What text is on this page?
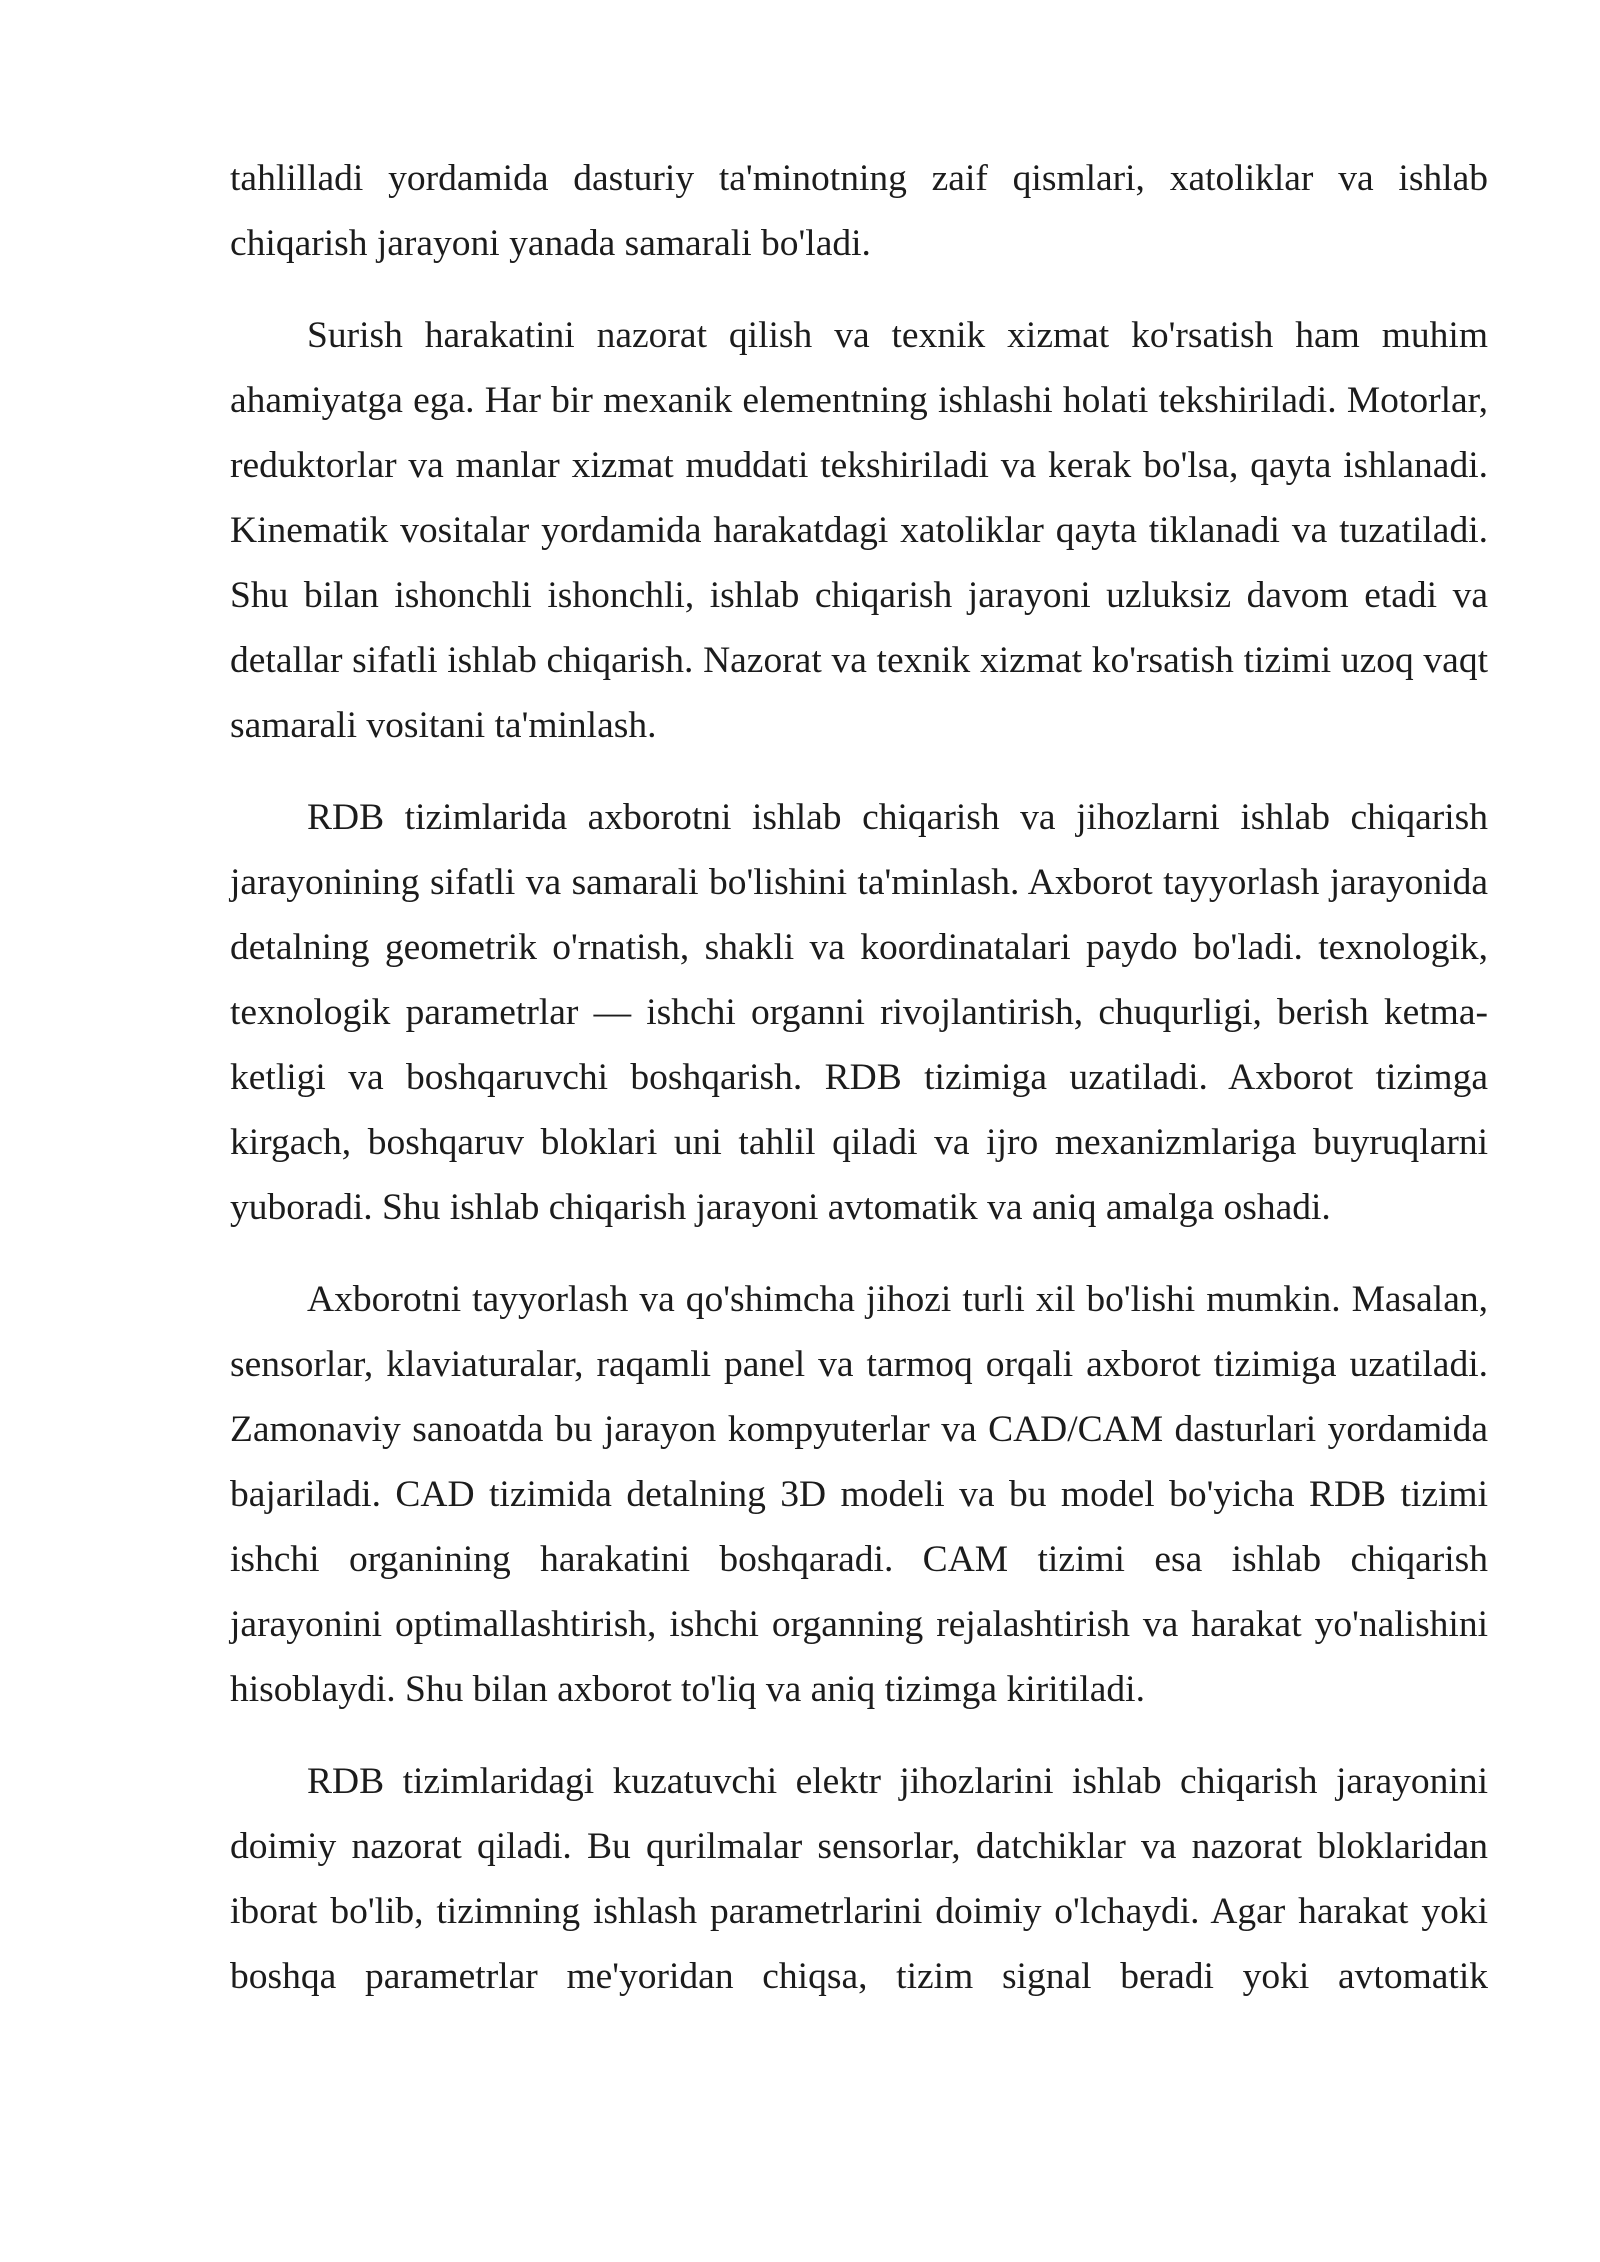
tahlilladi yordamida dasturiy ta'minotning zaif qismlari, xatoliklar va ishlab chiqarish jarayoni yanada samarali bo'ladi.

Surish harakatini nazorat qilish va texnik xizmat ko'rsatish ham muhim ahamiyatga ega. Har bir mexanik elementning ishlashi holati tekshiriladi. Motorlar, reduktorlar va manlar xizmat muddati tekshiriladi va kerak bo'lsa, qayta ishlanadi. Kinematik vositalar yordamida harakatdagi xatoliklar qayta tiklanadi va tuzatiladi. Shu bilan ishonchli ishonchli, ishlab chiqarish jarayoni uzluksiz davom etadi va detallar sifatli ishlab chiqarish. Nazorat va texnik xizmat ko'rsatish tizimi uzoq vaqt samarali vositani ta'minlash.

RDB tizimlarida axborotni ishlab chiqarish va jihozlarni ishlab chiqarish jarayonining sifatli va samarali bo'lishini ta'minlash. Axborot tayyorlash jarayonida detalning geometrik o'rnatish, shakli va koordinatalari paydo bo'ladi. texnologik, texnologik parametrlar — ishchi organni rivojlantirish, chuqurligi, berish ketma-ketligi va boshqaruvchi boshqarish. RDB tizimiga uzatiladi. Axborot tizimga kirgach, boshqaruv bloklari uni tahlil qiladi va ijro mexanizmlariga buyruqlarni yuboradi. Shu ishlab chiqarish jarayoni avtomatik va aniq amalga oshadi.

Axborotni tayyorlash va qo'shimcha jihozi turli xil bo'lishi mumkin. Masalan, sensorlar, klaviaturalar, raqamli panel va tarmoq orqali axborot tizimiga uzatiladi. Zamonaviy sanoatda bu jarayon kompyuterlar va CAD/CAM dasturlari yordamida bajariladi. CAD tizimida detalning 3D modeli va bu model bo'yicha RDB tizimi ishchi organining harakatini boshqaradi. CAM tizimi esa ishlab chiqarish jarayonini optimallashtirish, ishchi organning rejalashtirish va harakat yo'nalishini hisoblaydi. Shu bilan axborot to'liq va aniq tizimga kiritiladi.

RDB tizimlaridagi kuzatuvchi elektr jihozlarini ishlab chiqarish jarayonini doimiy nazorat qiladi. Bu qurilmalar sensorlar, datchiklar va nazorat bloklaridan iborat bo'lib, tizimning ishlash parametrlarini doimiy o'lchaydi. Agar harakat yoki boshqa parametrlar me'yoridan chiqsa, tizim signal beradi yoki avtomatik
